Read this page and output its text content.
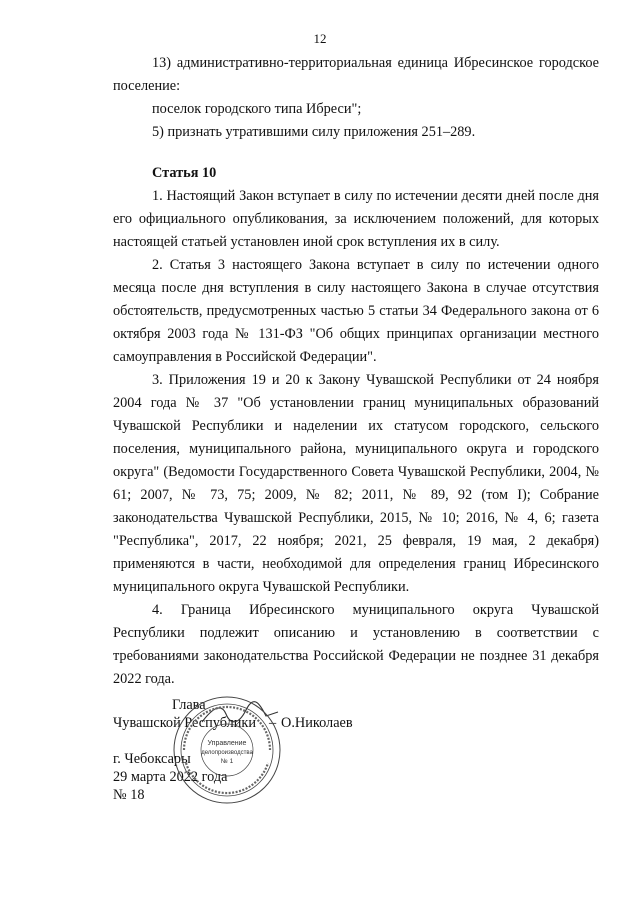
12

13) административно-территориальная единица Ибресинское городское поселение:

поселок городского типа Ибреси";

5) признать утратившими силу приложения 251–289.

Статья 10

1. Настоящий Закон вступает в силу по истечении десяти дней после дня его официального опубликования, за исключением положений, для которых настоящей статьей установлен иной срок вступления их в силу.

2. Статья 3 настоящего Закона вступает в силу по истечении одного месяца после дня вступления в силу настоящего Закона в случае отсутствия обстоятельств, предусмотренных частью 5 статьи 34 Федерального закона от 6 октября 2003 года № 131-ФЗ "Об общих принципах организации местного самоуправления в Российской Федерации".

3. Приложения 19 и 20 к Закону Чувашской Республики от 24 ноября 2004 года № 37 "Об установлении границ муниципальных образований Чувашской Республики и наделении их статусом городского, сельского поселения, муниципального района, муниципального округа и городского округа" (Ведомости Государственного Совета Чувашской Республики, 2004, № 61; 2007, № 73, 75; 2009, № 82; 2011, № 89, 92 (том I); Собрание законодательства Чувашской Республики, 2015, № 10; 2016, № 4, 6; газета "Республика", 2017, 22 ноября; 2021, 25 февраля, 19 мая, 2 декабря) применяются в части, необходимой для определения границ Ибресинского муниципального округа Чувашской Республики.

4. Граница Ибресинского муниципального округа Чувашской Республики подлежит описанию и установлению в соответствии с требованиями законодательства Российской Федерации не позднее 31 декабря 2022 года.

Глава
Чувашской Республики – О.Николаев
г. Чебоксары
29 марта 2022 года
№ 18
Управление
делопроизводства
№ 1
